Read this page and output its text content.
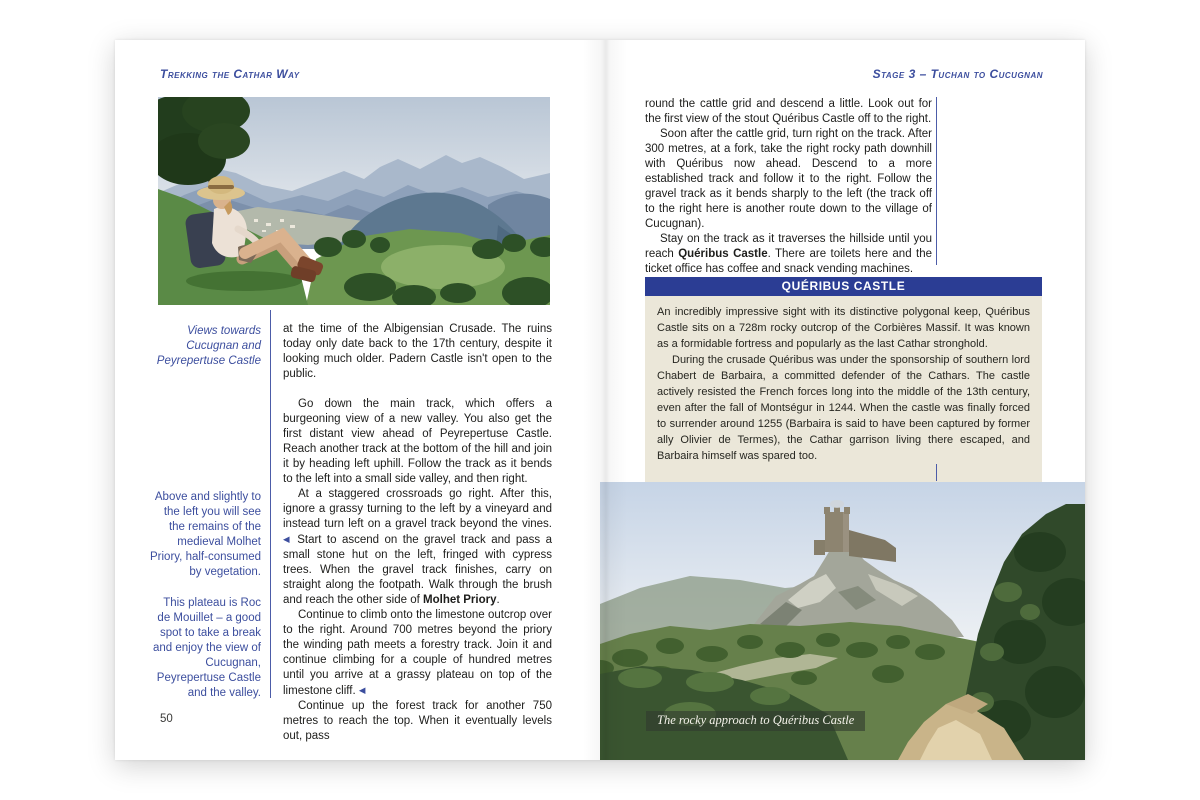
Trekking the Cathar Way
Views towards Cucugnan and Peyrepertuse Castle

at the time of the Albigensian Crusade. The ruins today only date back to the 17th century, despite it looking much older. Padern Castle isn't open to the public.

Go down the main track, which offers a burgeoning view of a new valley. You also get the first distant view ahead of Peyrepertuse Castle. Reach another track at the bottom of the hill and join it by heading left uphill. Follow the track as it bends to the left into a small side valley, and then right.

At a staggered crossroads go right. After this, ignore a grassy turning to the left by a vineyard and instead turn left on a gravel track beyond the vines. ◀ Start to ascend on the gravel track and pass a small stone hut on the left, fringed with cypress trees. When the gravel track finishes, carry on straight along the footpath. Walk through the brush and reach the other side of Molhet Priory.

Continue to climb onto the limestone outcrop over to the right. Around 700 metres beyond the priory the winding path meets a forestry track. Join it and continue climbing for a couple of hundred metres until you arrive at a grassy plateau on top of the limestone cliff. ◀

Continue up the forest track for another 750 metres to reach the top. When it eventually levels out, pass

Above and slightly to the left you will see the remains of the medieval Molhet Priory, half-consumed by vegetation.
This plateau is Roc de Mouillet – a good spot to take a break and enjoy the view of Cucugnan, Peyrepertuse Castle and the valley.
50
Stage 3 – Tuchan to Cucugnan

round the cattle grid and descend a little. Look out for the first view of the stout Quéribus Castle off to the right.

Soon after the cattle grid, turn right on the track. After 300 metres, at a fork, take the right rocky path downhill with Quéribus now ahead. Descend to a more established track and follow it to the right. Follow the gravel track as it bends sharply to the left (the track off to the right here is another route down to the village of Cucugnan).

Stay on the track as it traverses the hillside until you reach Quéribus Castle. There are toilets here and the ticket office has coffee and snack vending machines.

QUÉRIBUS CASTLE

An incredibly impressive sight with its distinctive polygonal keep, Quéribus Castle sits on a 728m rocky outcrop of the Corbières Massif. It was known as a formidable fortress and popularly as the last Cathar stronghold.

During the crusade Quéribus was under the sponsorship of southern lord Chabert de Barbaira, a committed defender of the Cathars. The castle actively resisted the French forces long into the middle of the 13th century, even after the fall of Montségur in 1244. When the castle was finally forced to surrender around 1255 (Barbaira is said to have been captured by former ally Olivier de Termes), the Cathar garrison living there escaped, and Barbaira himself was spared too.

The rocky approach to Quéribus Castle
